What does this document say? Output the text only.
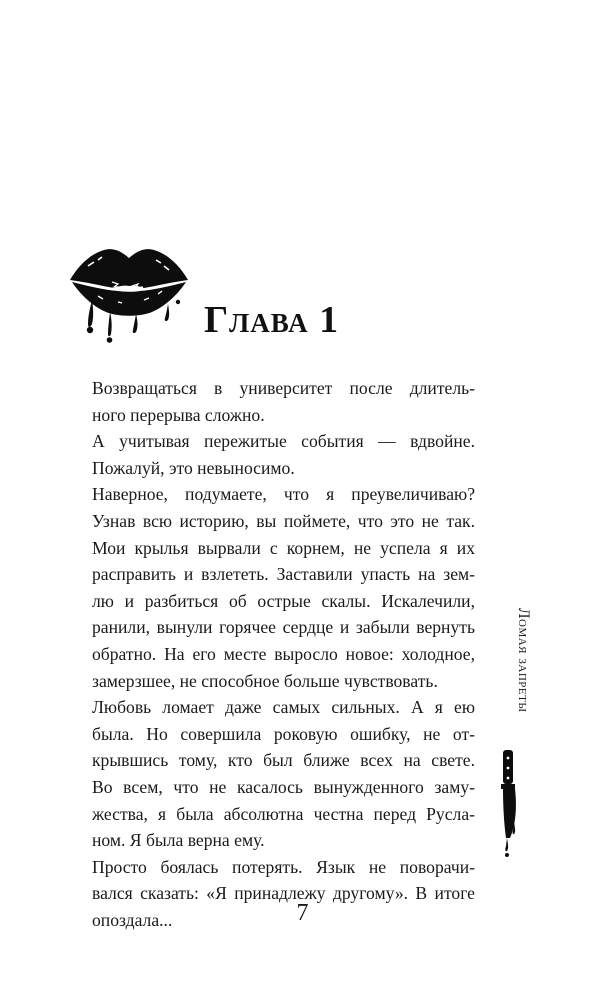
Глава 1
Возвращаться в университет после длитель-
ного перерыва сложно.
А учитывая пережитые события — вдвойне.
Пожалуй, это невыносимо.
Наверное, подумаете, что я преувеличиваю?
Узнав всю историю, вы поймете, что это не так.
Мои крылья вырвали с корнем, не успела я их
расправить и взлететь. Заставили упасть на зем-
лю и разбиться об острые скалы. Искалечили,
ранили, вынули горячее сердце и забыли вернуть
обратно. На его месте выросло новое: холодное,
замерзшее, не способное больше чувствовать.
Любовь ломает даже самых сильных. А я ею
была. Но совершила роковую ошибку, не от-
крывшись тому, кто был ближе всех на свете.
Во всем, что не касалось вынужденного заму-
жества, я была абсолютна честна перед Русла-
ном. Я была верна ему.
Просто боялась потерять. Язык не поворачи-
вался сказать: «Я принадлежу другому». В итоге
опоздала...
Ломая запреты
7
